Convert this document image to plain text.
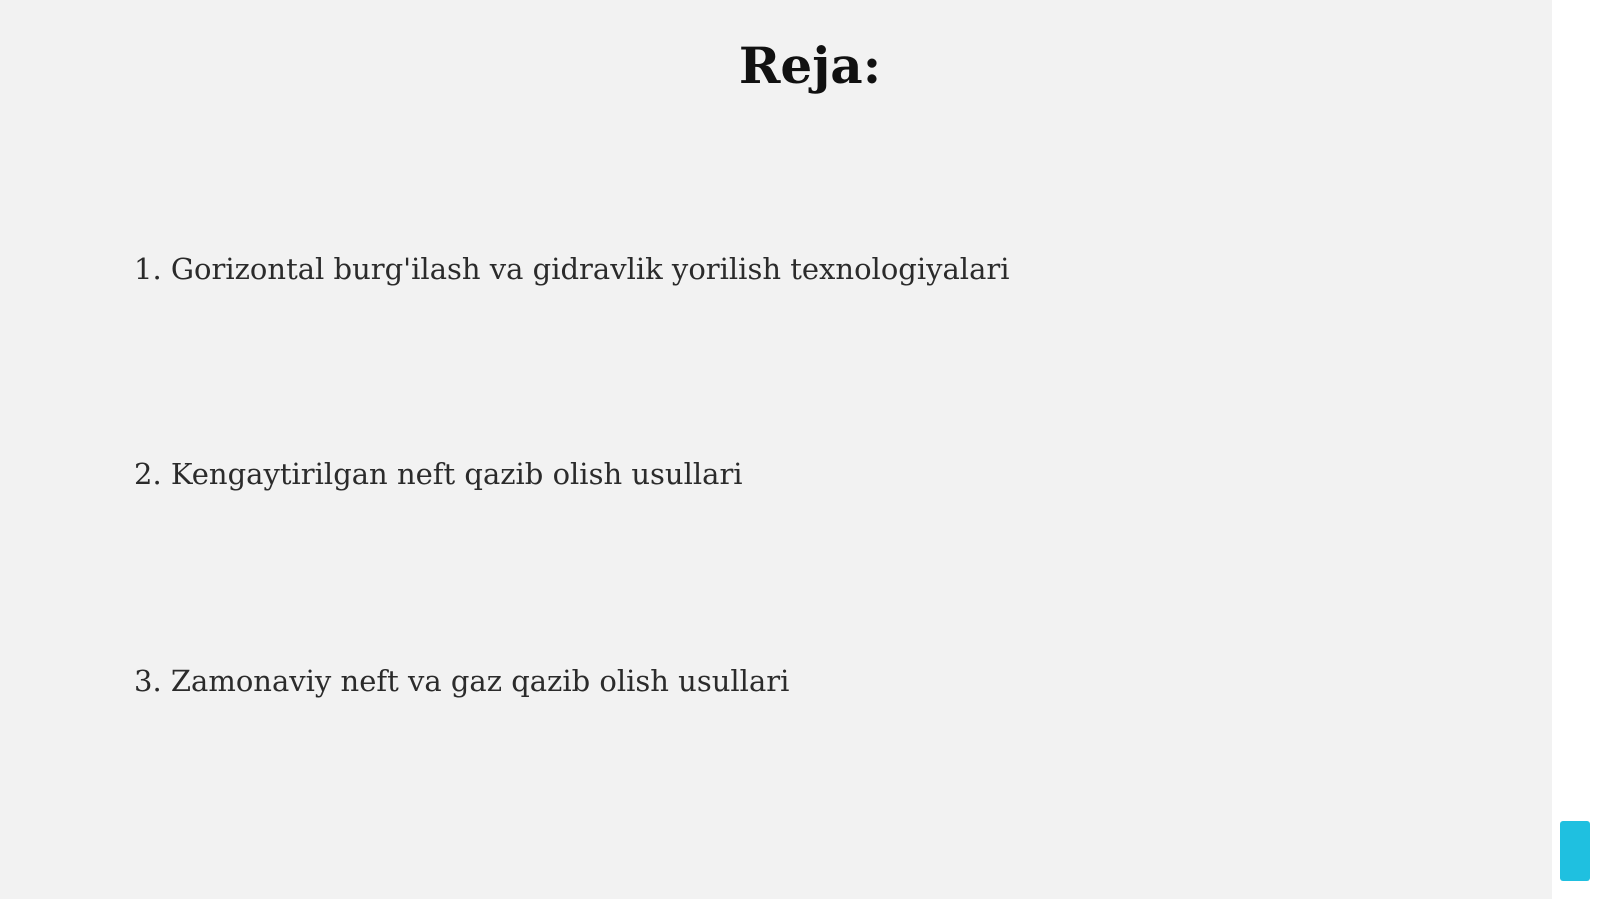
Reja:
1. Gorizontal burg'ilash va gidravlik yorilish texnologiyalari
2. Kengaytirilgan neft qazib olish usullari
3. Zamonaviy neft va gaz qazib olish usullari
